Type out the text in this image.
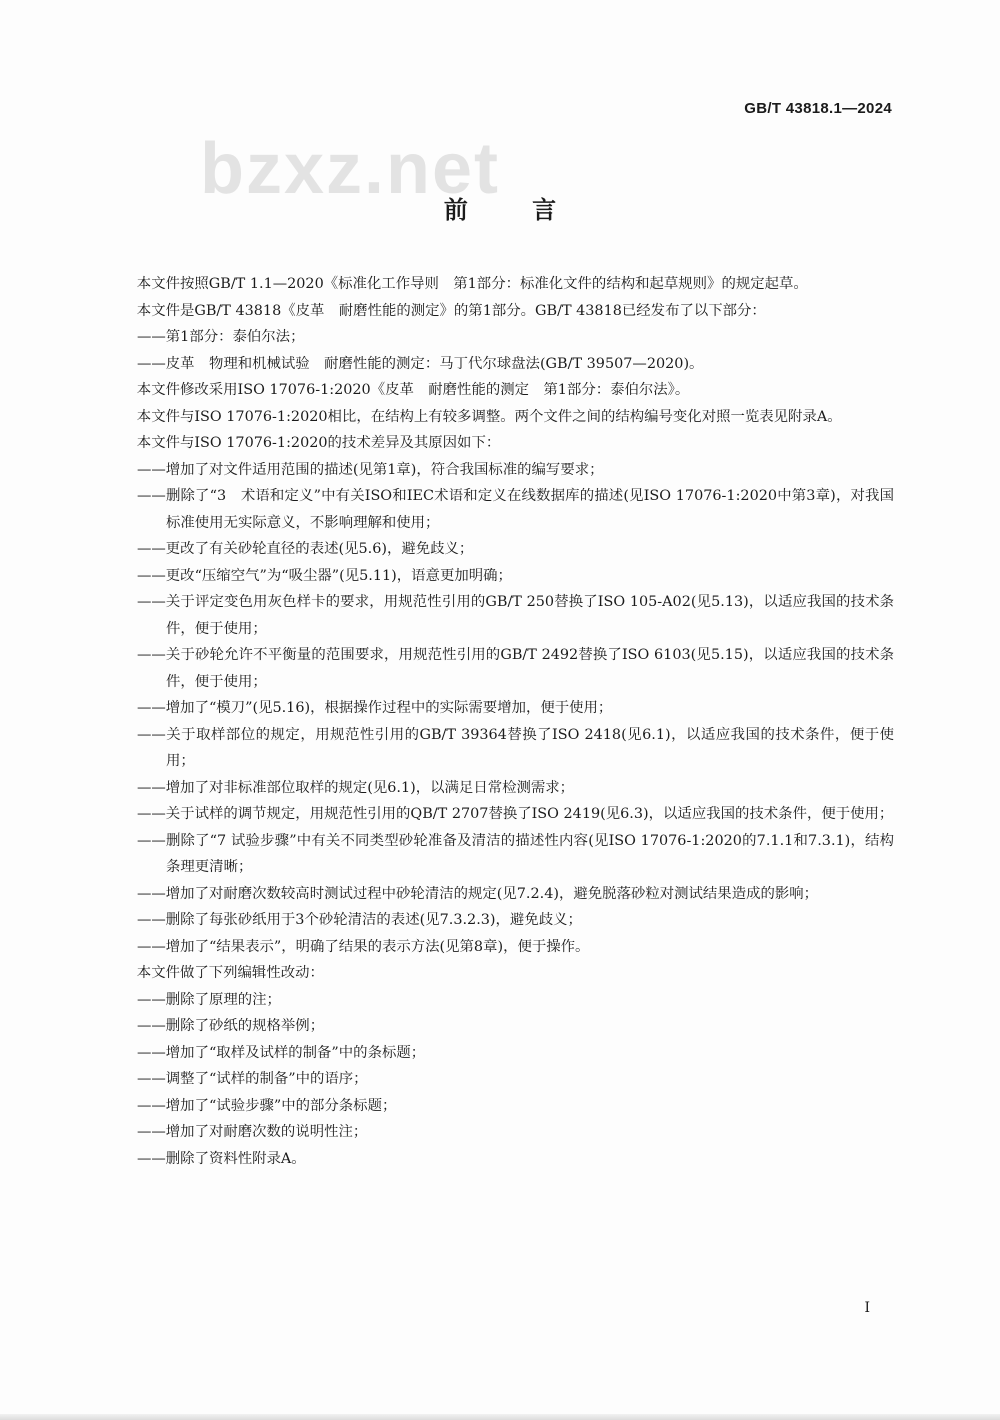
GB/T 43818.1—2024
bzxz.net
前 言

本文件按照GB/T 1.1—2020《标准化工作导则　第1部分：标准化文件的结构和起草规则》的规定起草。

本文件是GB/T 43818《皮革　耐磨性能的测定》的第1部分。GB/T 43818已经发布了以下部分：

—— 第1部分：泰伯尔法；

—— 皮革　物理和机械试验　耐磨性能的测定：马丁代尔球盘法(GB/T 39507—2020)。

本文件修改采用ISO 17076-1:2020《皮革　耐磨性能的测定　第1部分：泰伯尔法》。

本文件与ISO 17076-1:2020相比，在结构上有较多调整。两个文件之间的结构编号变化对照一览表见附录A。

本文件与ISO 17076-1:2020的技术差异及其原因如下：

—— 增加了对文件适用范围的描述(见第1章)，符合我国标准的编写要求；

—— 删除了“3　术语和定义”中有关ISO和IEC术语和定义在线数据库的描述(见ISO 17076-1:2020中第3章)，对我国标准使用无实际意义，不影响理解和使用；

—— 更改了有关砂轮直径的表述(见5.6)，避免歧义；

—— 更改“压缩空气”为“吸尘器”(见5.11)，语意更加明确；

—— 关于评定变色用灰色样卡的要求，用规范性引用的GB/T 250替换了ISO 105-A02(见5.13)，以适应我国的技术条件，便于使用；

—— 关于砂轮允许不平衡量的范围要求，用规范性引用的GB/T 2492替换了ISO 6103(见5.15)，以适应我国的技术条件，便于使用；

—— 增加了“模刀”(见5.16)，根据操作过程中的实际需要增加，便于使用；

—— 关于取样部位的规定，用规范性引用的GB/T 39364替换了ISO 2418(见6.1)，以适应我国的技术条件，便于使用；

—— 增加了对非标准部位取样的规定(见6.1)，以满足日常检测需求；

—— 关于试样的调节规定，用规范性引用的QB/T 2707替换了ISO 2419(见6.3)，以适应我国的技术条件，便于使用；

—— 删除了“7 试验步骤”中有关不同类型砂轮准备及清洁的描述性内容(见ISO 17076-1:2020的7.1.1和7.3.1)，结构条理更清晰；

—— 增加了对耐磨次数较高时测试过程中砂轮清洁的规定(见7.2.4)，避免脱落砂粒对测试结果造成的影响；

—— 删除了每张砂纸用于3个砂轮清洁的表述(见7.3.2.3)，避免歧义；

—— 增加了“结果表示”，明确了结果的表示方法(见第8章)，便于操作。

本文件做了下列编辑性改动：

—— 删除了原理的注；

—— 删除了砂纸的规格举例；

—— 增加了“取样及试样的制备”中的条标题；

—— 调整了“试样的制备”中的语序；

—— 增加了“试验步骤”中的部分条标题；

—— 增加了对耐磨次数的说明性注；

—— 删除了资料性附录A。

I
